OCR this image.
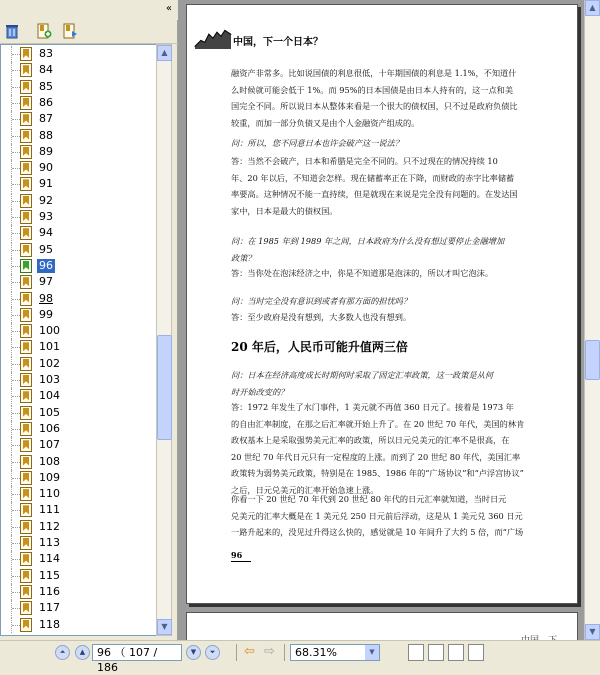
«
83
84
85
86
87
88
89
90
91
92
93
94
95
96
97
98
99
100
101
102
103
104
105
106
107
108
109
110
111
112
113
114
115
116
117
118
▲
▼
中国，下一个日本？
融资产非常多。比如说国债的利息很低，十年期国债的利息是 1.1%，不知道什
么时候就可能会低于 1%。而 95%的日本国债是由日本人持有的，这一点和美
国完全不同。所以说日本从整体来看是一个很大的债权国，只不过是政府负债比
较重，而加一部分负债又是由个人金融资产组成的。
问：所以，您不同意日本也许会破产这一说法？
答：当然不会破产，日本和希腊是完全不同的。只不过现在的情况持续 10
年、20 年以后，不知道会怎样。现在储蓄率正在下降，而财政的赤字比率储蓄
率要高。这种情况不能一直持续，但是就现在来说是完全没有问题的。在发达国
家中，日本是最大的债权国。
问：在 1985 年到 1989 年之间，日本政府为什么没有想过要停止金融增加
政策？
答：当你处在泡沫经济之中，你是不知道那是泡沫的，所以才叫它泡沫。
问：当时完全没有意识到或者有那方面的担忧吗？
答：至少政府是没有想到，大多数人也没有想到。
20 年后，人民币可能升值两三倍
问：日本在经济高度成长时期何时采取了固定汇率政策，这一政策是从何
时开始改变的？
答：1972 年发生了水门事件，1 美元就不再值 360 日元了。接着是 1973 年
的自由汇率制度，在那之后汇率就开始上升了。在 20 世纪 70 年代，美国的林肯
政权基本上是采取强势美元汇率的政策，所以日元兑美元的汇率不是很高，在
20 世纪 70 年代日元只有一定程度的上涨。而到了 20 世纪 80 年代，美国汇率
政策转为弱势美元政策，特别是在 1985、1986 年的“广场协议”和“卢浮宫协议”
之后，日元兑美元的汇率开始急速上涨。
你看一下 20 世纪 70 年代到 20 世纪 80 年代的日元汇率就知道，当时日元
兑美元的汇率大概是在 1 美元兑 250 日元前后浮动，这是从 1 美元兑 360 日元
一路升起来的，没见过升得这么快的，感觉就是 10 年间升了大约 5 倍，而“广场
96
▲
▼
⏶	▲	96 （ 107 / 186
▼	⏷	⇦ ⇨	68.31%	▼
